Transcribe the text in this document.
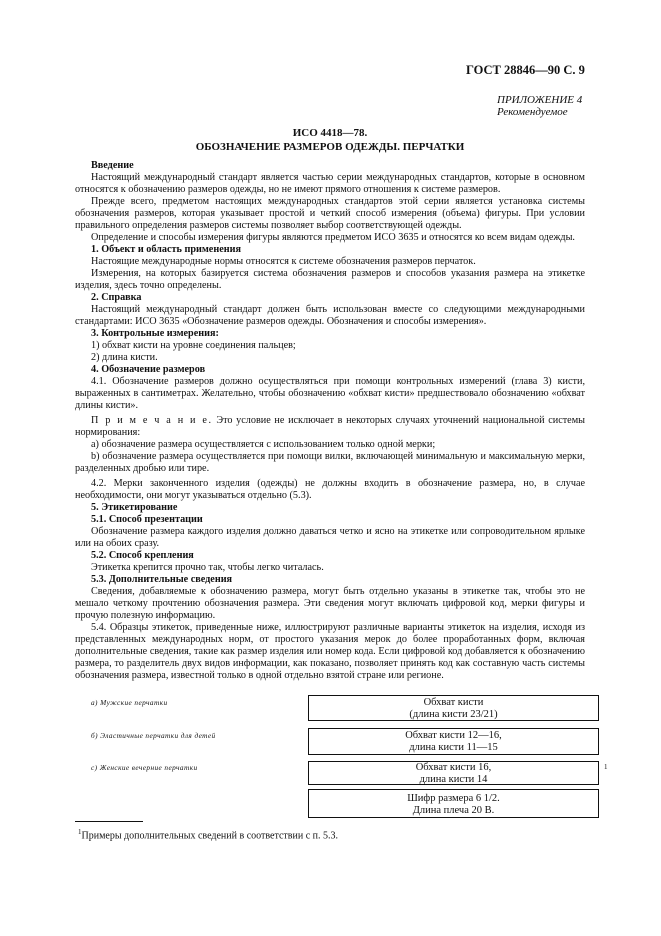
ГОСТ 28846—90 С. 9
ПРИЛОЖЕНИЕ 4
Рекомендуемое
ИСО 4418—78.
ОБОЗНАЧЕНИЕ РАЗМЕРОВ ОДЕЖДЫ. ПЕРЧАТКИ

Введение

Настоящий международный стандарт является частью серии международных стандартов, которые в основном относятся к обозначению размеров одежды, но не имеют прямого отношения к системе размеров.

Прежде всего, предметом настоящих международных стандартов этой серии является установка системы обозначения размеров, которая указывает простой и четкий способ измерения (объема) фигуры. При условии правильного определения размеров системы позволяет выбор соответствующей одежды.

Определение и способы измерения фигуры являются предметом ИСО 3635 и относятся ко всем видам одежды.

1. Объект и область применения

Настоящие международные нормы относятся к системе обозначения размеров перчаток.

Измерения, на которых базируется система обозначения размеров и способов указания размера на этикетке изделия, здесь точно определены.

2. Справка

Настоящий международный стандарт должен быть использован вместе со следующими международными стандартами: ИСО 3635 «Обозначение размеров одежды. Обозначения и способы измерения».

3. Контрольные измерения:

1) обхват кисти на уровне соединения пальцев;

2) длина кисти.

4. Обозначение размеров

4.1. Обозначение размеров должно осуществляться при помощи контрольных измерений (глава 3) кисти, выраженных в сантиметрах. Желательно, чтобы обозначению «обхват кисти» предшествовало обозначению «обхват длины кисти».

П р и м е ч а н и е. Это условие не исключает в некоторых случаях уточнений национальной системы нормирования:

а) обозначение размера осуществляется с использованием только одной мерки;

b) обозначение размера осуществляется при помощи вилки, включающей минимальную и максимальную мерки, разделенных дробью или тире.

4.2. Мерки законченного изделия (одежды) не должны входить в обозначение размера, но, в случае необходимости, они могут указываться отдельно (5.3).

5. Этикетирование

5.1. Способ презентации

Обозначение размера каждого изделия должно даваться четко и ясно на этикетке или сопроводительном ярлыке или на обоих сразу.

5.2. Способ крепления

Этикетка крепится прочно так, чтобы легко читалась.

5.3. Дополнительные сведения

Сведения, добавляемые к обозначению размера, могут быть отдельно указаны в этикетке так, чтобы это не мешало четкому прочтению обозначения размера. Эти сведения могут включать цифровой код, мерки фигуры и прочую полезную информацию.

5.4. Образцы этикеток, приведенные ниже, иллюстрируют различные варианты этикеток на изделия, исходя из представленных международных норм, от простого указания мерок до более проработанных форм, включая дополнительные сведения, такие как размер изделия или номер кода. Если цифровой код добавляется к обозначению размера, то разделитель двух видов информации, как показано, позволяет принять код как составную часть системы обозначения размера, известной только в одной отдельно взятой стране или регионе.

а) Мужские перчатки
б) Эластичные перчатки для детей
с) Женские вечерние перчатки
Обхват кисти
(длина кисти 23/21)
Обхват кисти 12—16,
длина кисти 11—15
Обхват кисти 16,
длина кисти 14
Шифр размера 6 1/2.
Длина плеча 20 В.
1
$^1$Примеры дополнительных сведений в соответствии с п. 5.3.
